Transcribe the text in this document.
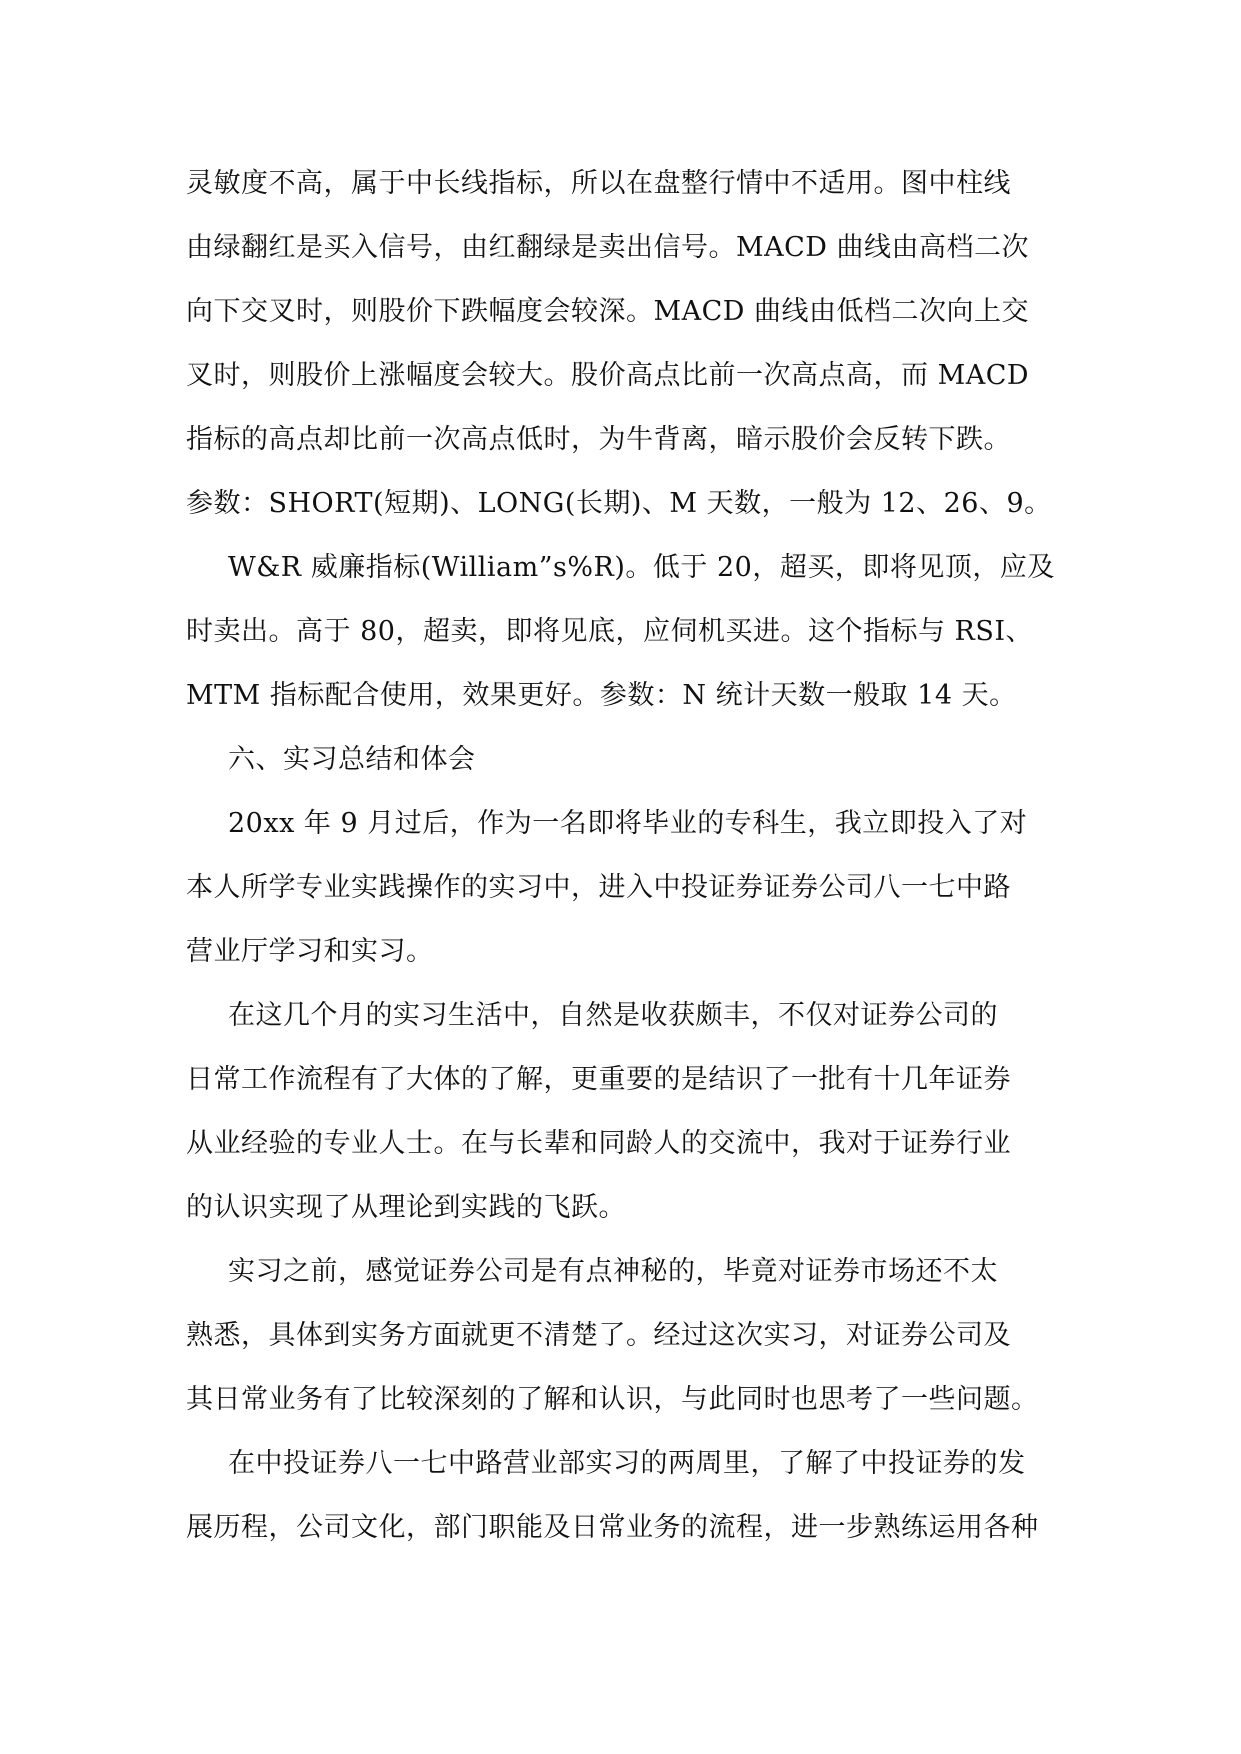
灵敏度不高，属于中长线指标，所以在盘整行情中不适用。图中柱线
由绿翻红是买入信号，由红翻绿是卖出信号。MACD 曲线由高档二次
向下交叉时，则股价下跌幅度会较深。MACD 曲线由低档二次向上交
叉时，则股价上涨幅度会较大。股价高点比前一次高点高，而 MACD
指标的高点却比前一次高点低时，为牛背离，暗示股价会反转下跌。
参数：SHORT(短期)、LONG(长期)、M 天数，一般为 12、26、9。
W&R 威廉指标(William”s%R)。低于 20，超买，即将见顶，应及
时卖出。高于 80，超卖，即将见底，应伺机买进。这个指标与 RSI、
MTM 指标配合使用，效果更好。参数：N 统计天数一般取 14 天。
六、实习总结和体会
20xx 年 9 月过后，作为一名即将毕业的专科生，我立即投入了对
本人所学专业实践操作的实习中，进入中投证券证券公司八一七中路
营业厅学习和实习。
在这几个月的实习生活中，自然是收获颇丰，不仅对证券公司的
日常工作流程有了大体的了解，更重要的是结识了一批有十几年证券
从业经验的专业人士。在与长辈和同龄人的交流中，我对于证券行业
的认识实现了从理论到实践的飞跃。
实习之前，感觉证券公司是有点神秘的，毕竟对证券市场还不太
熟悉，具体到实务方面就更不清楚了。经过这次实习，对证券公司及
其日常业务有了比较深刻的了解和认识，与此同时也思考了一些问题。
在中投证券八一七中路营业部实习的两周里，了解了中投证券的发
展历程，公司文化，部门职能及日常业务的流程，进一步熟练运用各种
